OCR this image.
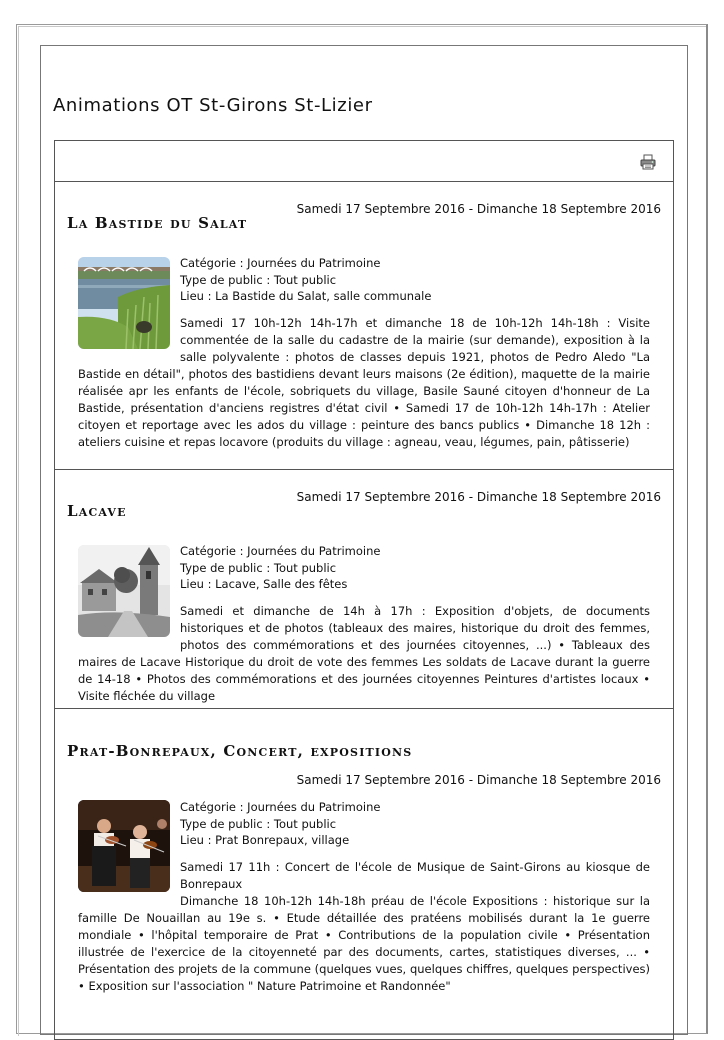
Animations OT St-Girons St-Lizier
Samedi 17 Septembre 2016 - Dimanche 18 Septembre 2016
La Bastide du Salat
Catégorie : Journées du Patrimoine
Type de public : Tout public
Lieu : La Bastide du Salat, salle communale

Samedi 17 10h-12h 14h-17h et dimanche 18 de 10h-12h 14h-18h : Visite commentée de la salle du cadastre de la mairie (sur demande), exposition à la salle polyvalente : photos de classes depuis 1921, photos de Pedro Aledo "La Bastide en détail", photos des bastidiens devant leurs maisons (2e édition), maquette de la mairie réalisée apr les enfants de l'école, sobriquets du village, Basile Sauné citoyen d'honneur de La Bastide, présentation d'anciens registres d'état civil • Samedi 17 de 10h-12h 14h-17h : Atelier citoyen et reportage avec les ados du village : peinture des bancs publics • Dimanche 18 12h : ateliers cuisine et repas locavore (produits du village : agneau, veau, légumes, pain, pâtisserie)

Samedi 17 Septembre 2016 - Dimanche 18 Septembre 2016
Lacave
Catégorie : Journées du Patrimoine
Type de public : Tout public
Lieu : Lacave, Salle des fêtes

Samedi et dimanche de 14h à 17h : Exposition d'objets, de documents historiques et de photos (tableaux des maires, historique du droit des femmes, photos des commémorations et des journées citoyennes, ...) • Tableaux des maires de Lacave Historique du droit de vote des femmes Les soldats de Lacave durant la guerre de 14-18 • Photos des commémorations et des journées citoyennes Peintures d'artistes locaux • Visite fléchée du village

Prat-Bonrepaux, Concert, expositions
Samedi 17 Septembre 2016 - Dimanche 18 Septembre 2016
Catégorie : Journées du Patrimoine
Type de public : Tout public
Lieu : Prat Bonrepaux, village

Samedi 17 11h : Concert de l'école de Musique de Saint-Girons au kiosque de Bonrepaux

Dimanche 18 10h-12h 14h-18h préau de l'école Expositions : historique sur la famille De Nouaillan au 19e s. • Etude détaillée des pratéens mobilisés durant la 1e guerre mondiale • l'hôpital temporaire de Prat • Contributions de la population civile • Présentation illustrée de l'exercice de la citoyenneté par des documents, cartes, statistiques diverses, ... • Présentation des projets de la commune (quelques vues, quelques chiffres, quelques perspectives) • Exposition sur l'association " Nature Patrimoine et Randonnée"
